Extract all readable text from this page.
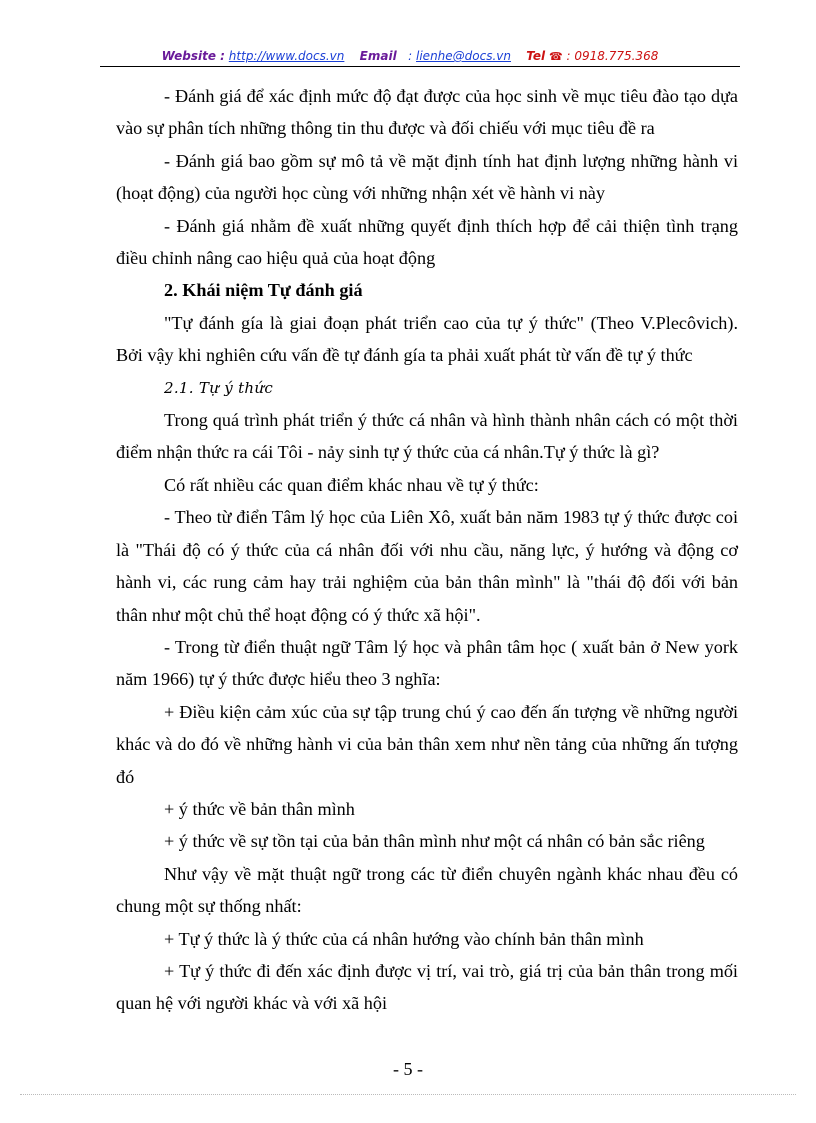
Website : http://www.docs.vn Email : lienhe@docs.vn Tel ☎ : 0918.775.368

- Đánh giá để xác định mức độ đạt được của học sinh về mục tiêu đào tạo dựa vào sự phân tích những thông tin thu được và đối chiếu với mục tiêu đề ra

- Đánh giá bao gồm sự mô tả về mặt định tính hat định lượng những hành vi (hoạt động) của người học cùng với những nhận xét về hành vi này

- Đánh giá nhằm đề xuất những quyết định thích hợp để cải thiện tình trạng điều chỉnh nâng cao hiệu quả của hoạt động

2. Khái niệm Tự đánh giá

"Tự đánh gía là giai đoạn phát triển cao của tự ý thức" (Theo V.Plecôvich). Bởi vậy khi nghiên cứu vấn đề tự đánh gía ta phải xuất phát từ vấn đề tự ý thức

2.1. Tự ý thức

Trong quá trình phát triển ý thức cá nhân và hình thành nhân cách có một thời điểm nhận thức ra cái Tôi - nảy sinh tự ý thức của cá nhân.Tự ý thức là gì?

Có rất nhiều các quan điểm khác nhau về tự ý thức:

- Theo từ điển Tâm lý học của Liên Xô, xuất bản năm 1983 tự ý thức được coi là "Thái độ có ý thức của cá nhân đối với nhu cầu, năng lực, ý hướng và động cơ hành vi, các rung cảm hay trải nghiệm của bản thân mình" là "thái độ đối với bản thân như một chủ thể hoạt động có ý thức xã hội".

- Trong từ điển thuật ngữ Tâm lý học và phân tâm học ( xuất bản ở New york năm 1966) tự ý thức được hiểu theo 3 nghĩa:

+ Điều kiện cảm xúc của sự tập trung chú ý cao đến ấn tượng về những người khác và do đó về những hành vi của bản thân xem như nền tảng của những ấn tượng đó

+ ý thức về bản thân mình

+ ý thức về sự tồn tại của bản thân mình như một cá nhân có bản sắc riêng

Như vậy về mặt thuật ngữ trong các từ điển chuyên ngành khác nhau đều có chung một sự thống nhất:

+ Tự ý thức là ý thức của cá nhân hướng vào chính bản thân mình

+ Tự ý thức đi đến xác định được vị trí, vai trò, giá trị của bản thân trong mối quan hệ với người khác và với xã hội

- 5 -
